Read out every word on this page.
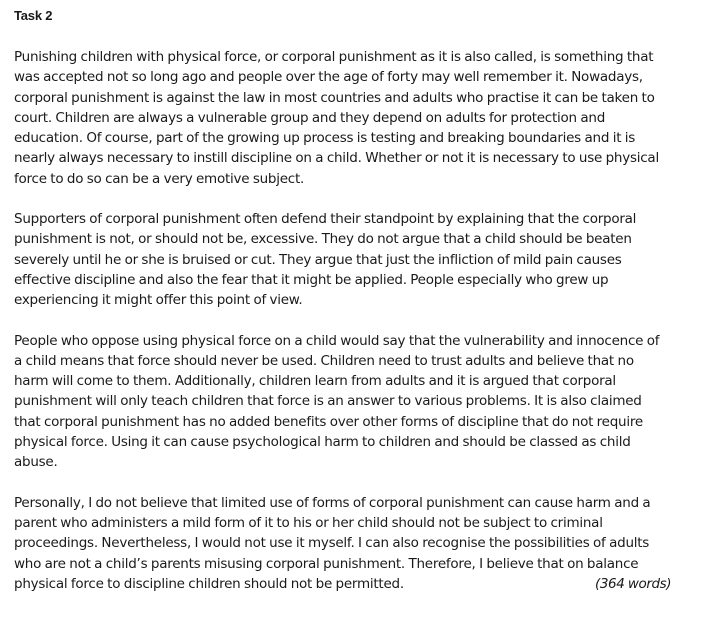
Task 2
Punishing children with physical force, or corporal punishment as it is also called, is something that
was accepted not so long ago and people over the age of forty may well remember it. Nowadays,
corporal punishment is against the law in most countries and adults who practise it can be taken to
court. Children are always a vulnerable group and they depend on adults for protection and
education. Of course, part of the growing up process is testing and breaking boundaries and it is
nearly always necessary to instill discipline on a child. Whether or not it is necessary to use physical
force to do so can be a very emotive subject.
Supporters of corporal punishment often defend their standpoint by explaining that the corporal
punishment is not, or should not be, excessive. They do not argue that a child should be beaten
severely until he or she is bruised or cut. They argue that just the infliction of mild pain causes
effective discipline and also the fear that it might be applied. People especially who grew up
experiencing it might offer this point of view.
People who oppose using physical force on a child would say that the vulnerability and innocence of
a child means that force should never be used. Children need to trust adults and believe that no
harm will come to them. Additionally, children learn from adults and it is argued that corporal
punishment will only teach children that force is an answer to various problems. It is also claimed
that corporal punishment has no added benefits over other forms of discipline that do not require
physical force. Using it can cause psychological harm to children and should be classed as child
abuse.
Personally, I do not believe that limited use of forms of corporal punishment can cause harm and a
parent who administers a mild form of it to his or her child should not be subject to criminal
proceedings. Nevertheless, I would not use it myself. I can also recognise the possibilities of adults
who are not a child’s parents misusing corporal punishment. Therefore, I believe that on balance
physical force to discipline children should not be permitted.	(364 words)
